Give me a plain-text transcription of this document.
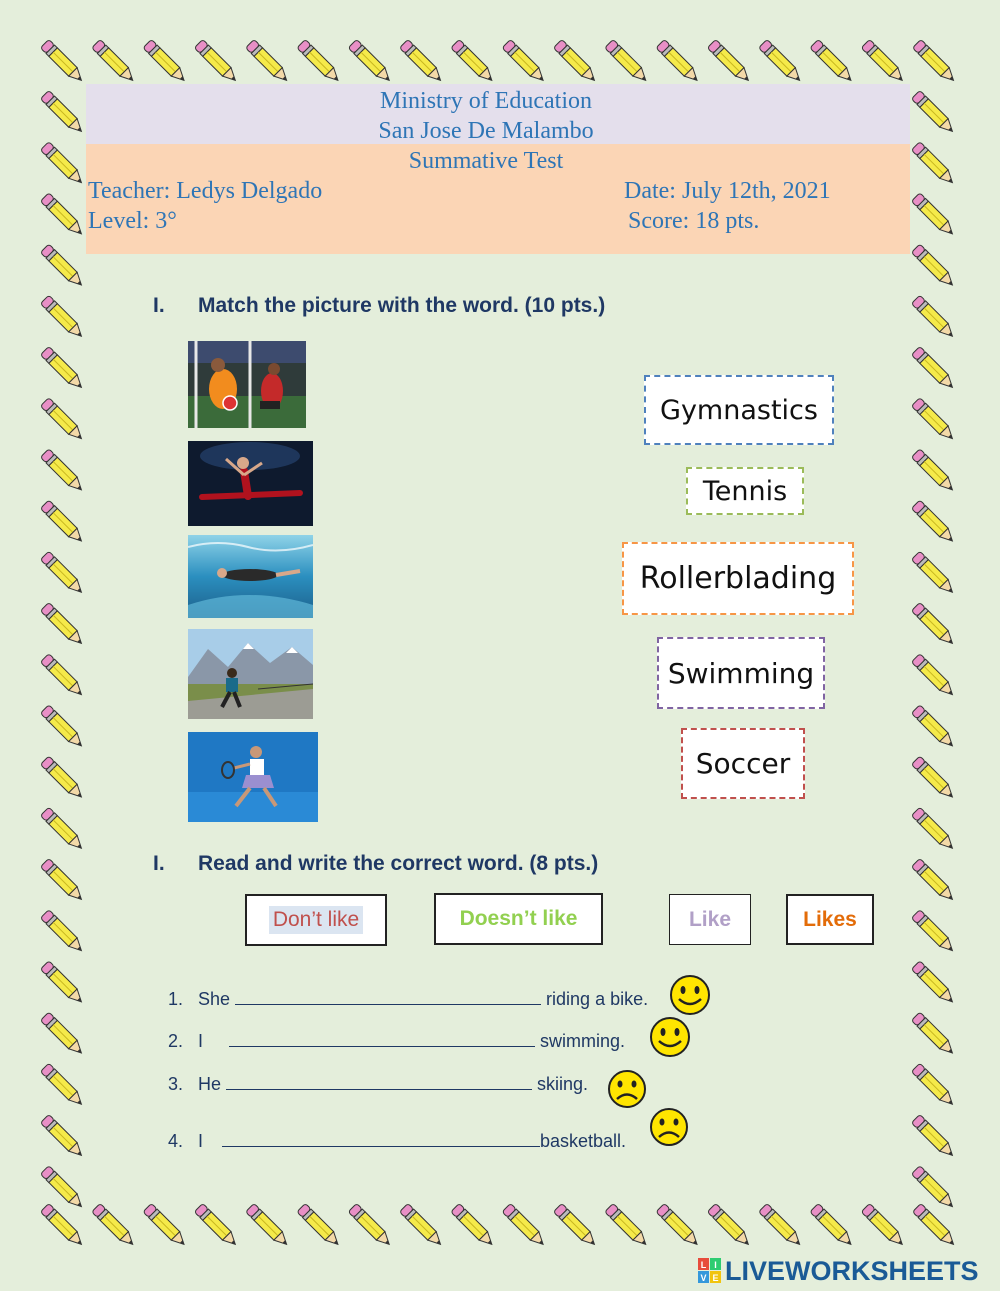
Ministry of Education
San Jose De Malambo
Summative Test
Teacher: Ledys Delgado	Date: July 12th, 2021
Level: 3°	Score: 18 pts.
I. Match the picture with the word. (10 pts.)
Gymnastics
Tennis
Rollerblading
Swimming
Soccer
I. Read and write the correct word. (8 pts.)
Don’t like	Doesn’t like	Like	Likes
1. She	riding a bike.
2. I	swimming.
3. He	skiing.
4. I	basketball.
L I
V E LIVEWORKSHEETS
